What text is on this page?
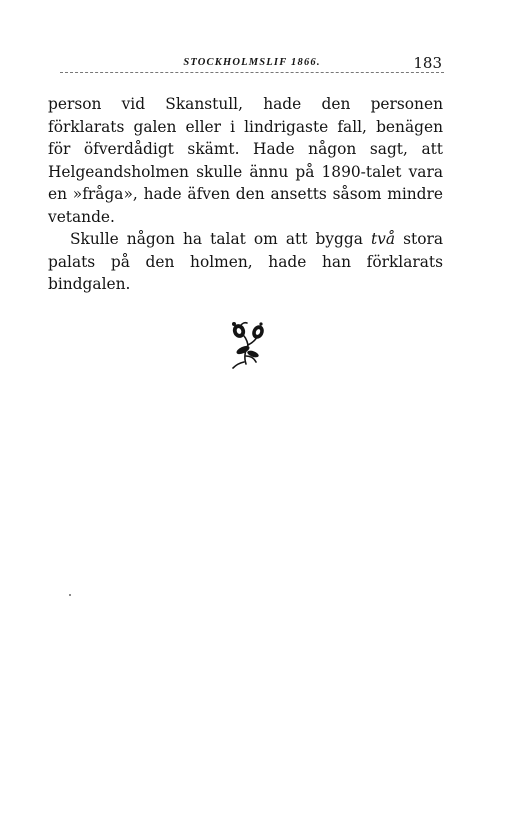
STOCKHOLMSLIF 1866.	183

person vid Skanstull, hade den personen förklarats galen eller i lindrigaste fall, benägen för öfverdådigt skämt. Hade någon sagt, att Helgeandsholmen skulle ännu på 1890-talet vara en »fråga», hade äfven den ansetts såsom mindre vetande.

Skulle någon ha talat om att bygga två stora palats på den holmen, hade han förklarats bindgalen.
